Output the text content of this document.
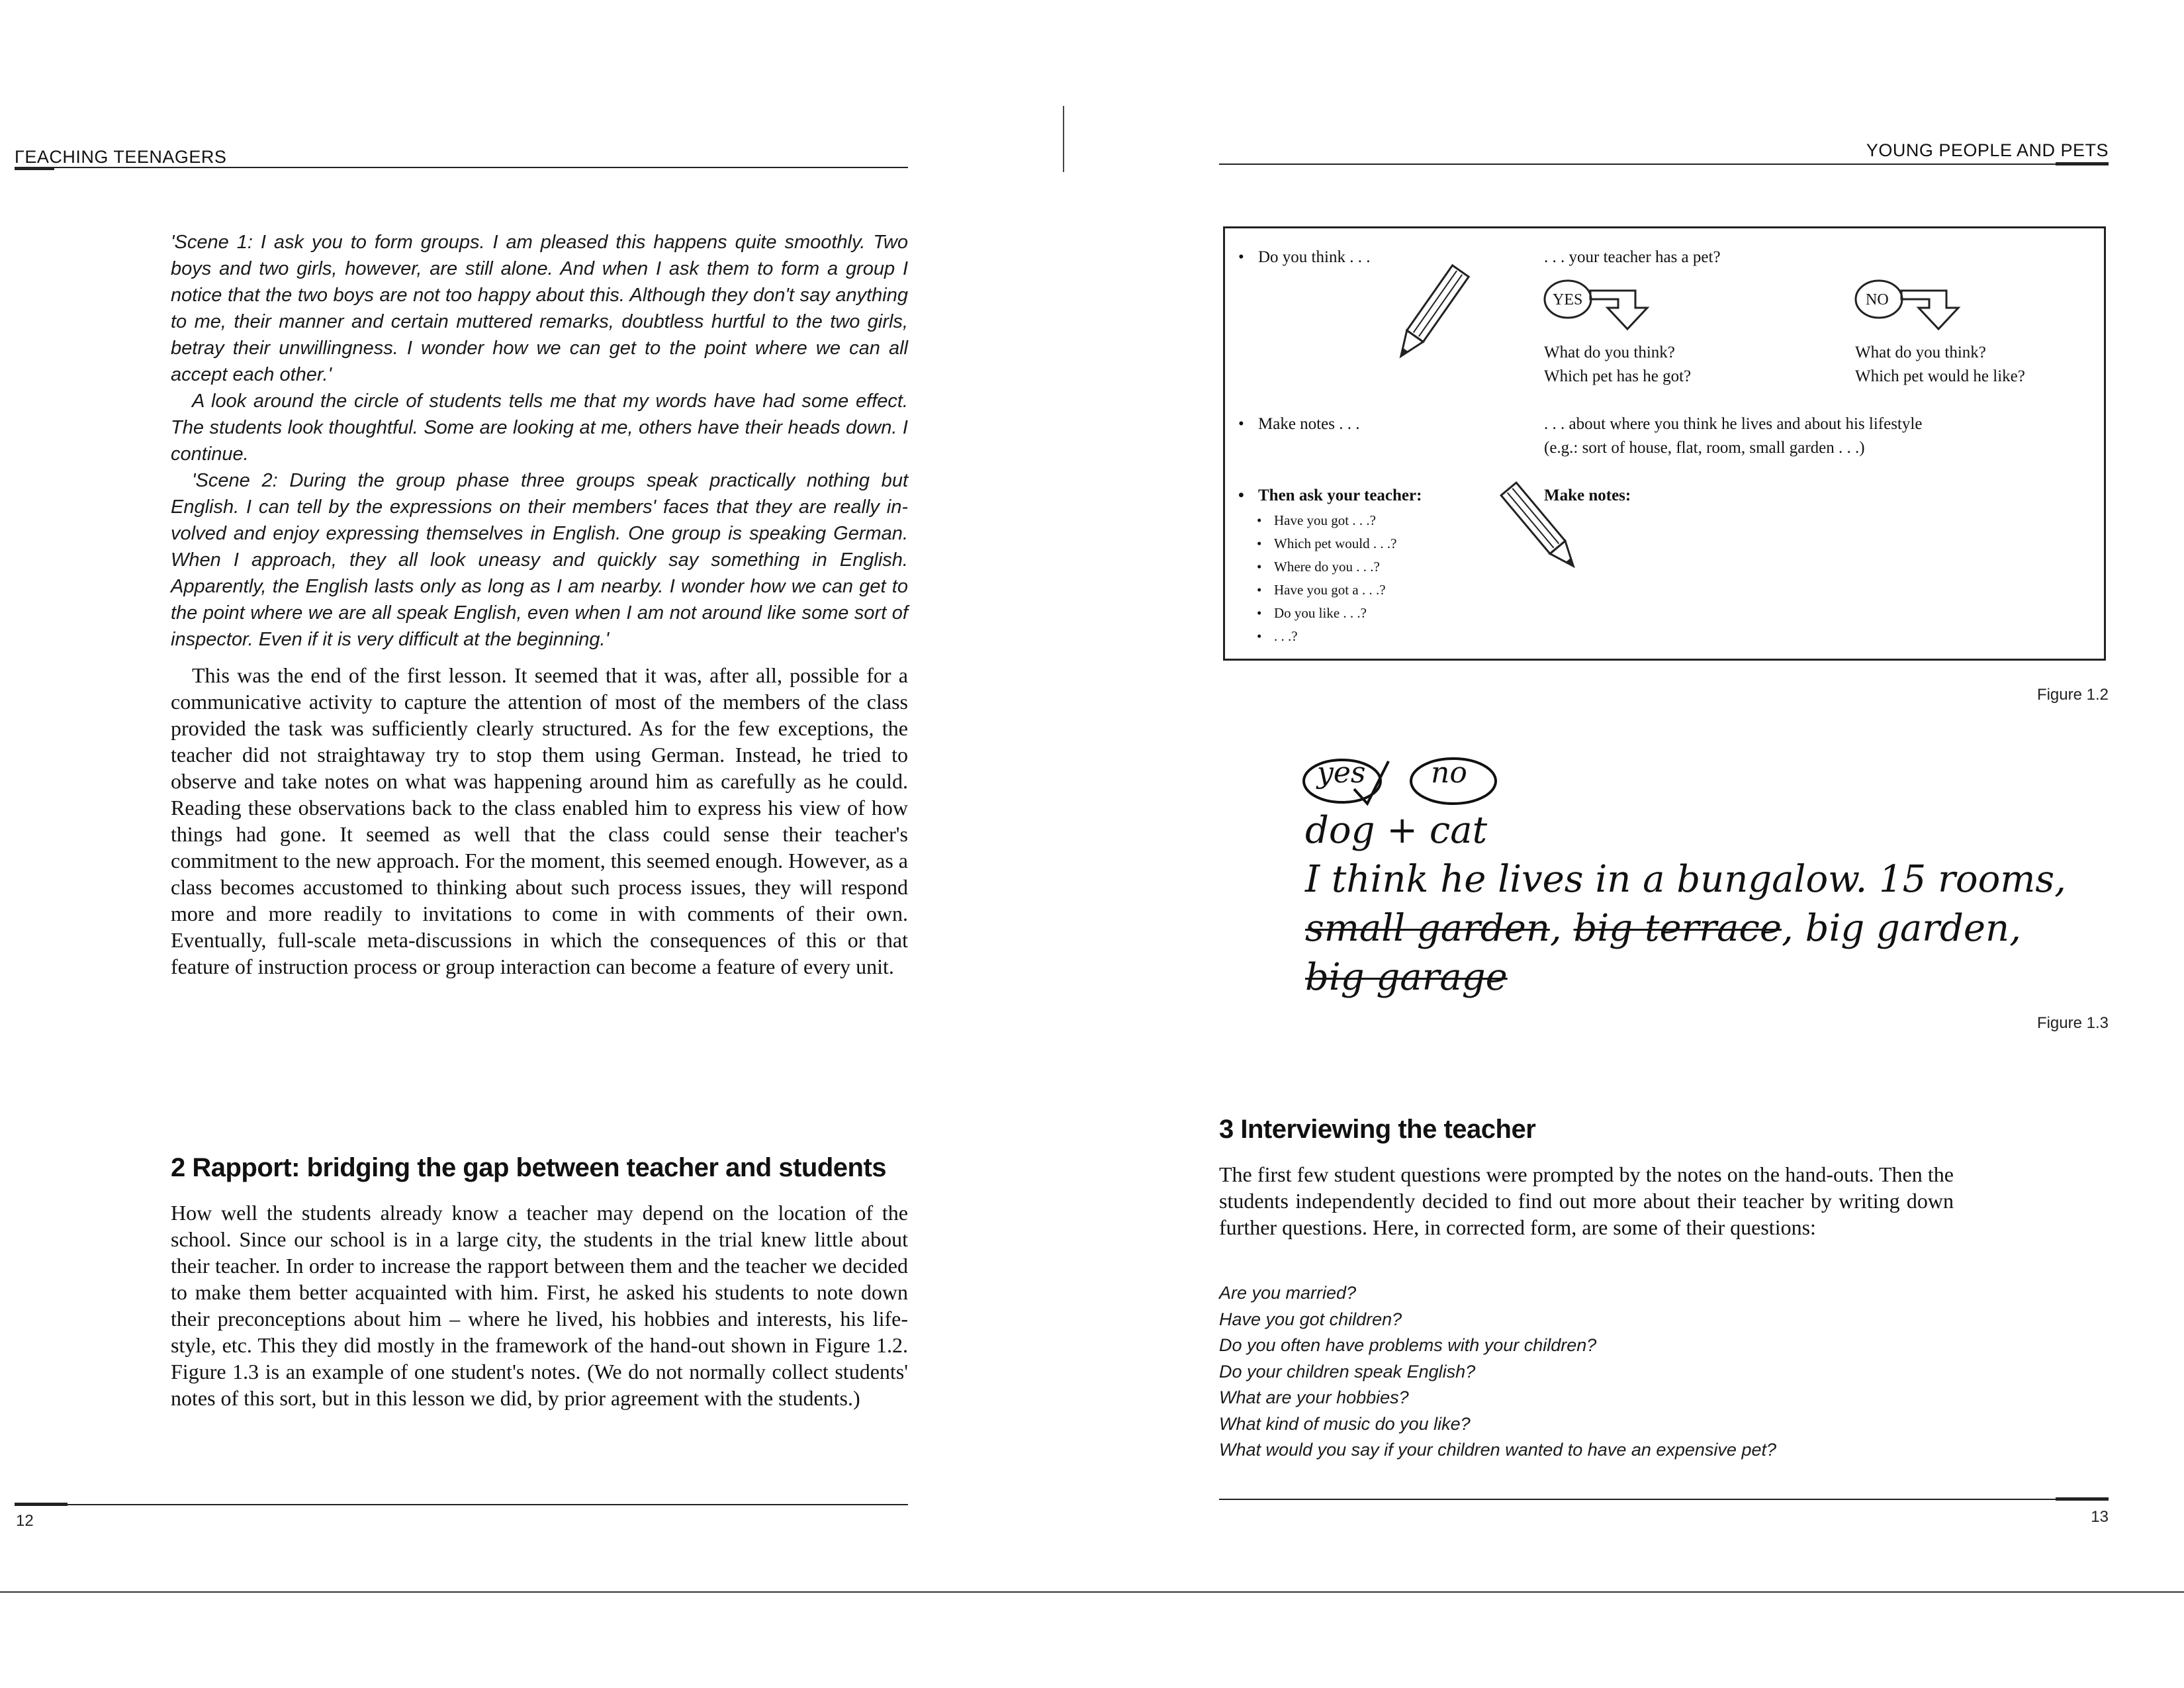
ΓEACHING TEENAGERS

'Scene 1: I ask you to form groups. I am pleased this happens quite smoothly. Two boys and two girls, however, are still alone. And when I ask them to form a group I notice that the two boys are not too happy about this. Although they don't say anything to me, their manner and certain muttered remarks, doubtless hurtful to the two girls, betray their unwillingness. I wonder how we can get to the point where we can all accept each other.'

A look around the circle of students tells me that my words have had some effect. The students look thoughtful. Some are looking at me, others have their heads down. I continue.

'Scene 2: During the group phase three groups speak practically nothing but English. I can tell by the expressions on their members' faces that they are really involved and enjoy expressing themselves in English. One group is speaking German. When I approach, they all look uneasy and quickly say something in English. Apparently, the English lasts only as long as I am nearby. I wonder how we can get to the point where we are all speak English, even when I am not around like some sort of inspector. Even if it is very difficult at the beginning.'

This was the end of the first lesson. It seemed that it was, after all, possible for a communicative activity to capture the attention of most of the members of the class provided the task was sufficiently clearly structured. As for the few exceptions, the teacher did not straightaway try to stop them using German. Instead, he tried to observe and take notes on what was happening around him as carefully as he could. Reading these observations back to the class enabled him to express his view of how things had gone. It seemed as well that the class could sense their teacher's commitment to the new approach. For the moment, this seemed enough. However, as a class becomes accustomed to thinking about such process issues, they will respond more and more readily to invitations to come in with comments of their own. Eventually, full-scale meta-discussions in which the consequences of this or that feature of instruction process or group interaction can become a feature of every unit.

2 Rapport: bridging the gap between teacher and students

How well the students already know a teacher may depend on the location of the school. Since our school is in a large city, the students in the trial knew little about their teacher. In order to increase the rapport between them and the teacher we decided to make them better acquainted with him. First, he asked his students to note down their preconceptions about him – where he lived, his hobbies and interests, his life-style, etc. This they did mostly in the framework of the hand-out shown in Figure 1.2. Figure 1.3 is an example of one student's notes. (We do not normally collect students' notes of this sort, but in this lesson we did, by prior agreement with the students.)

12
YOUNG PEOPLE AND PETS
• Do you think . . .	. . . your teacher has a pet?
YES	NO
What do you think?
Which pet has he got?
What do you think?
Which pet would he like?
• Make notes . . .	. . . about where you think he lives and about his lifestyle
(e.g.: sort of house, flat, room, small garden . . .)
• Then ask your teacher:
• Have you got . . .?
• Which pet would . . .?
• Where do you . . .?
• Have you got a . . .?
• Do you like . . .?
• . . .?
Make notes:
Figure 1.2
yes no
dog + cat
I think he lives in a bungalow. 15 rooms,
small garden, big terrace, big garden,
big garage
Figure 1.3
3 Interviewing the teacher

The first few student questions were prompted by the notes on the hand-outs. Then the students independently decided to find out more about their teacher by writing down further questions. Here, in corrected form, are some of their questions:

Are you married?
Have you got children?
Do you often have problems with your children?
Do your children speak English?
What are your hobbies?
What kind of music do you like?
What would you say if your children wanted to have an expensive pet?
13
